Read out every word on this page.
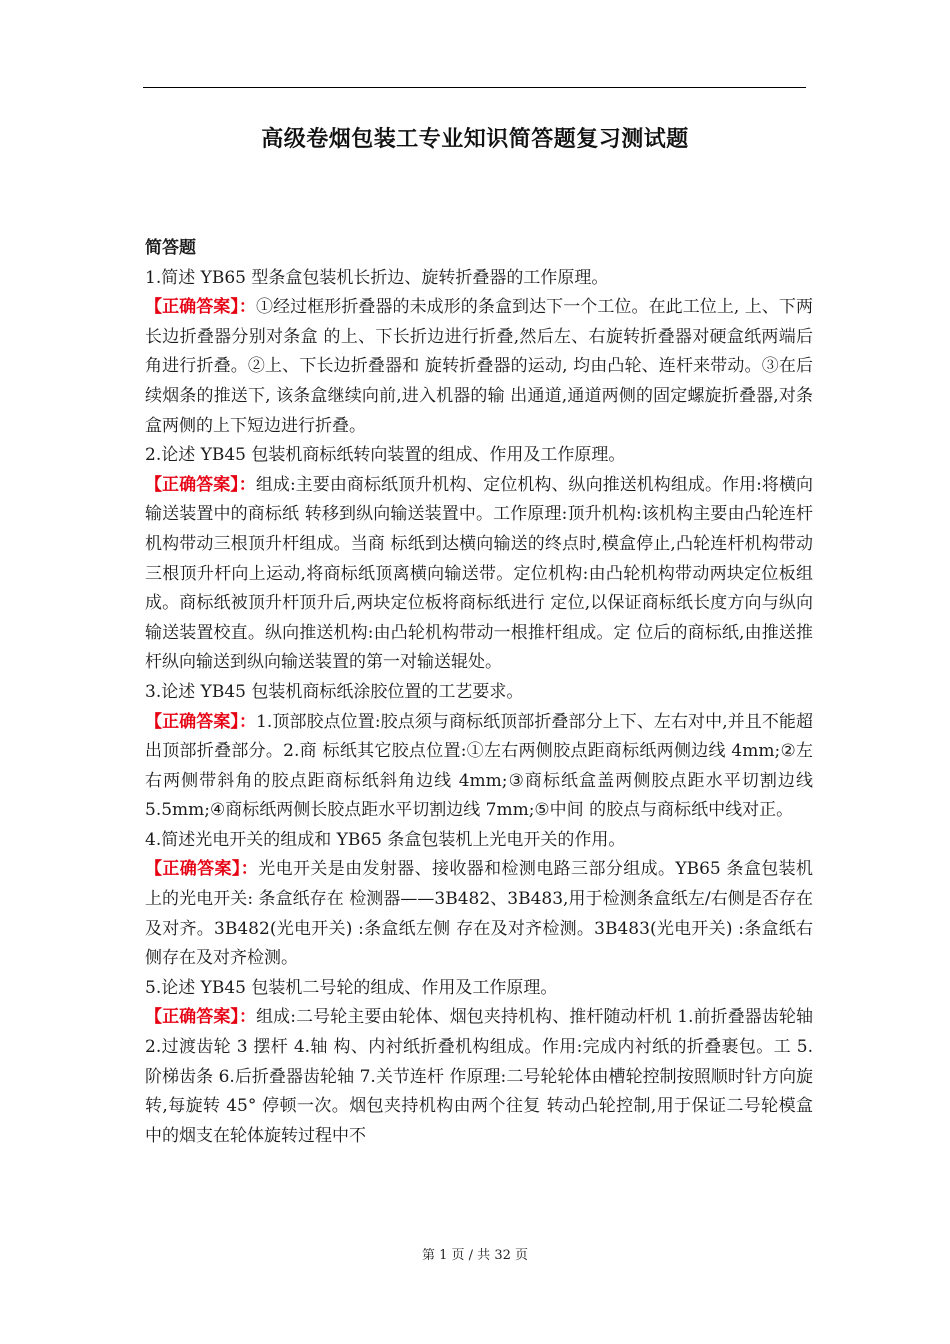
高级卷烟包装工专业知识简答题复习测试题

简答题

1.简述 YB65 型条盒包装机长折边、旋转折叠器的工作原理。

【正确答案】：①经过框形折叠器的未成形的条盒到达下一个工位。在此工位上, 上、下两长边折叠器分别对条盒 的上、下长折边进行折叠,然后左、右旋转折叠器对硬盒纸两端后角进行折叠。②上、下长边折叠器和 旋转折叠器的运动, 均由凸轮、连杆来带动。③在后续烟条的推送下, 该条盒继续向前,进入机器的输 出通道,通道两侧的固定螺旋折叠器,对条盒两侧的上下短边进行折叠。

2.论述 YB45 包装机商标纸转向装置的组成、作用及工作原理。

【正确答案】：组成:主要由商标纸顶升机构、定位机构、纵向推送机构组成。作用:将横向输送装置中的商标纸 转移到纵向输送装置中。工作原理:顶升机构:该机构主要由凸轮连杆机构带动三根顶升杆组成。当商 标纸到达横向输送的终点时,模盒停止,凸轮连杆机构带动三根顶升杆向上运动,将商标纸顶离横向输送带。定位机构:由凸轮机构带动两块定位板组成。商标纸被顶升杆顶升后,两块定位板将商标纸进行 定位,以保证商标纸长度方向与纵向输送装置校直。纵向推送机构:由凸轮机构带动一根推杆组成。定 位后的商标纸,由推送推杆纵向输送到纵向输送装置的第一对输送辊处。

3.论述 YB45 包装机商标纸涂胶位置的工艺要求。

【正确答案】：1.顶部胶点位置:胶点须与商标纸顶部折叠部分上下、左右对中,并且不能超出顶部折叠部分。2.商 标纸其它胶点位置:①左右两侧胶点距商标纸两侧边线 4mm;②左右两侧带斜角的胶点距商标纸斜角边线 4mm;③商标纸盒盖两侧胶点距水平切割边线 5.5mm;④商标纸两侧长胶点距水平切割边线 7mm;⑤中间 的胶点与商标纸中线对正。

4.简述光电开关的组成和 YB65 条盒包装机上光电开关的作用。

【正确答案】：光电开关是由发射器、接收器和检测电路三部分组成。YB65 条盒包装机上的光电开关: 条盒纸存在 检测器——3B482、3B483,用于检测条盒纸左/右侧是否存在及对齐。3B482(光电开关) :条盒纸左侧 存在及对齐检测。3B483(光电开关) :条盒纸右侧存在及对齐检测。

5.论述 YB45 包装机二号轮的组成、作用及工作原理。

【正确答案】：组成:二号轮主要由轮体、烟包夹持机构、推杆随动杆机 1.前折叠器齿轮轴 2.过渡齿轮 3 摆杆 4.轴 构、内衬纸折叠机构组成。作用:完成内衬纸的折叠裹包。工 5.阶梯齿条 6.后折叠器齿轮轴 7.关节连杆 作原理:二号轮轮体由槽轮控制按照顺时针方向旋转,每旋转 45° 停顿一次。烟包夹持机构由两个往复 转动凸轮控制,用于保证二号轮模盒中的烟支在轮体旋转过程中不

第 1 页 / 共 32 页
